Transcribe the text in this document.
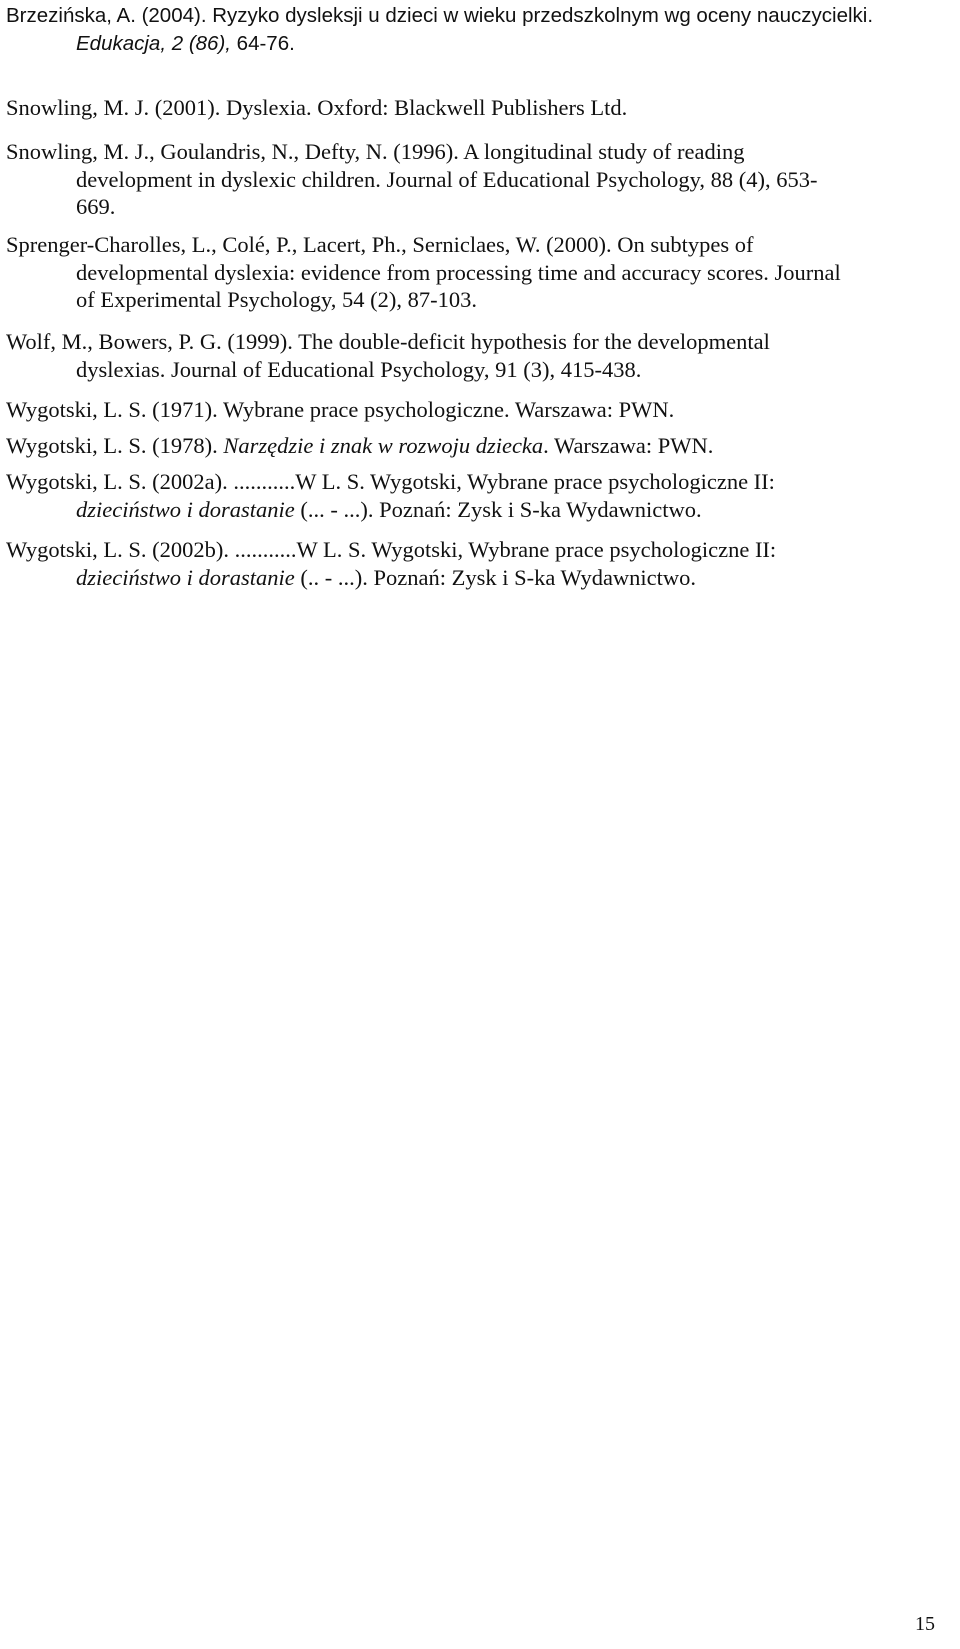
Brzezińska, A. (2004). Ryzyko dysleksji u dzieci w wieku przedszkolnym wg oceny nauczycielki.
Edukacja, 2 (86), 64-76.

Snowling, M. J. (2001). Dyslexia. Oxford: Blackwell Publishers Ltd.

Snowling, M. J., Goulandris, N., Defty, N. (1996). A longitudinal study of reading
development in dyslexic children. Journal of Educational Psychology, 88 (4), 653-
669.

Sprenger-Charolles, L., Colé, P., Lacert, Ph., Serniclaes, W. (2000). On subtypes of
developmental dyslexia: evidence from processing time and accuracy scores. Journal
of Experimental Psychology, 54 (2), 87-103.

Wolf, M., Bowers, P. G. (1999). The double-deficit hypothesis for the developmental
dyslexias. Journal of Educational Psychology, 91 (3), 415-438.

Wygotski, L. S. (1971). Wybrane prace psychologiczne. Warszawa: PWN.

Wygotski, L. S. (1978). Narzędzie i znak w rozwoju dziecka. Warszawa: PWN.

Wygotski, L. S. (2002a). ...........W L. S. Wygotski, Wybrane prace psychologiczne II:
dzieciństwo i dorastanie (... - ...). Poznań: Zysk i S-ka Wydawnictwo.

Wygotski, L. S. (2002b). ...........W L. S. Wygotski, Wybrane prace psychologiczne II:
dzieciństwo i dorastanie (.. - ...). Poznań: Zysk i S-ka Wydawnictwo.

15
